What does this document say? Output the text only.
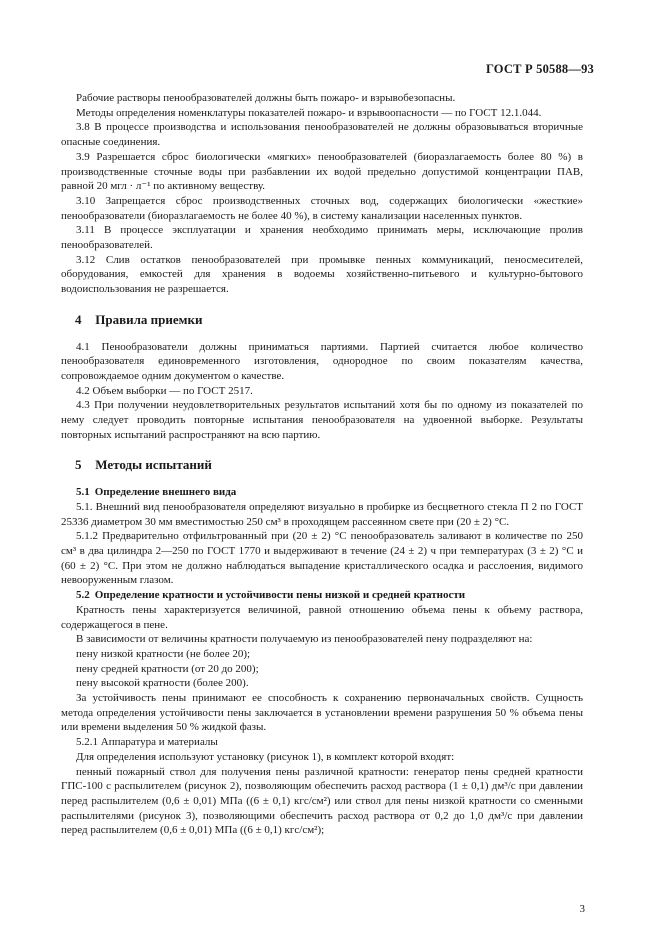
ГОСТ Р 50588—93

Рабочие растворы пенообразователей должны быть пожаро- и взрывобезопасны.

Методы определения номенклатуры показателей пожаро- и взрывоопасности — по ГОСТ 12.1.044.

3.8 В процессе производства и использования пенообразователей не должны образовываться вторичные опасные соединения.

3.9 Разрешается сброс биологически «мягких» пенообразователей (биоразлагаемость более 80 %) в производственные сточные воды при разбавлении их водой предельно допустимой концентрации ПАВ, равной 20 мгл · л⁻¹ по активному веществу.

3.10 Запрещается сброс производственных сточных вод, содержащих биологически «жесткие» пенообразователи (биоразлагаемость не более 40 %), в систему канализации населенных пунктов.

3.11 В процессе эксплуатации и хранения необходимо принимать меры, исключающие пролив пенообразователей.

3.12 Слив остатков пенообразователей при промывке пенных коммуникаций, пеносмесителей, оборудования, емкостей для хранения в водоемы хозяйственно-питьевого и культурно-бытового водоиспользования не разрешается.

4 Правила приемки

4.1 Пенообразователи должны приниматься партиями. Партией считается любое количество пенообразователя единовременного изготовления, однородное по своим показателям качества, сопровождаемое одним документом о качестве.

4.2 Объем выборки — по ГОСТ 2517.

4.3 При получении неудовлетворительных результатов испытаний хотя бы по одному из показателей по нему следует проводить повторные испытания пенообразователя на удвоенной выборке. Результаты повторных испытаний распространяют на всю партию.

5 Методы испытаний

5.1 Определение внешнего вида

5.1. Внешний вид пенообразователя определяют визуально в пробирке из бесцветного стекла П 2 по ГОСТ 25336 диаметром 30 мм вместимостью 250 см³ в проходящем рассеянном свете при (20 ± 2) °C.

5.1.2 Предварительно отфильтрованный при (20 ± 2) °C пенообразователь заливают в количестве по 250 см³ в два цилиндра 2—250 по ГОСТ 1770 и выдерживают в течение (24 ± 2) ч при температурах (3 ± 2) °C и (60 ± 2) °C. При этом не должно наблюдаться выпадение кристаллического осадка и расслоения, видимого невооруженным глазом.

5.2 Определение кратности и устойчивости пены низкой и средней кратности

Кратность пены характеризуется величиной, равной отношению объема пены к объему раствора, содержащегося в пене.

В зависимости от величины кратности получаемую из пенообразователей пену подразделяют на:

пену низкой кратности (не более 20);

пену средней кратности (от 20 до 200);

пену высокой кратности (более 200).

За устойчивость пены принимают ее способность к сохранению первоначальных свойств. Сущность метода определения устойчивости пены заключается в установлении времени разрушения 50 % объема пены или времени выделения 50 % жидкой фазы.

5.2.1 Аппаратура и материалы

Для определения используют установку (рисунок 1), в комплект которой входят:

пенный пожарный ствол для получения пены различной кратности: генератор пены средней кратности ГПС-100 с распылителем (рисунок 2), позволяющим обеспечить расход раствора (1 ± 0,1) дм³/с при давлении перед распылителем (0,6 ± 0,01) МПа ((6 ± 0,1) кгс/см²) или ствол для пены низкой кратности со сменными распылителями (рисунок 3), позволяющими обеспечить расход раствора от 0,2 до 1,0 дм³/с при давлении перед распылителем (0,6 ± 0,01) МПа ((6 ± 0,1) кгс/см²);

3
